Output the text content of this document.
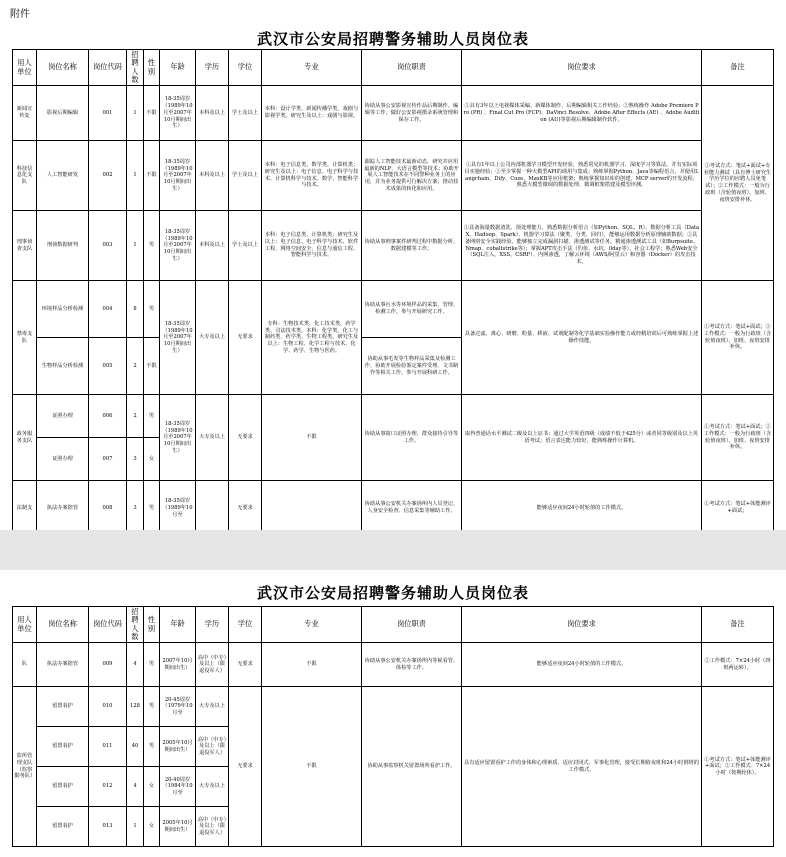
附件
武汉市公安局招聘警务辅助人员岗位表
用人单位	岗位名称	岗位代码	招聘人数	性别	年龄	学历	学位	专业	岗位职责	岗位要求	备注
新闻宣传处	影视后期编辑	001	1	不限	18-35周岁（1989年10月至2007年10月期间出生）	本科及以上	学士及以上	本科：设计学类、新闻传播学类、戏剧与影视学类。研究生及以上：戏剧与影视。	协助从事公安影视宣传作品后期制作、编辑等工作，做好公安影视摄录系统管理和保存工作。	①具有3年以上电视媒体采编、新媒体制作、后期编辑相关工作经验；②熟练操作 Adobe Premiere Pro (PR) 、Final Cut Pro (FCP)、DaVinci Resolve、Adobe After Effects (AE) 、Adobe Audition (AU)等影视后期编辑制作软件。	①考试方式：笔试+面试+专业能力测试（具有博士研究生学历学位的应聘人员免笔试）；②工作模式：一般为行政班（含轮值夜班），加班、夜班安排补休。
科技信息化支队	人工智能研发	002	1	不限	18-35周岁（1989年10月至2007年10月期间出生）	本科及以上	学士及以上	本科：电子信息类、数学类、计算机类；研究生及以上：电子信息、电子科学与技术、计算机科学与技术、数学、智能科学与技术。	跟踪人工智能技术最新动态，研究并应用最新的NLP、大语言模型等技术；协助开展人工智能技术在不同警种业务上的应用，并为业务提供可行解决方案；推动技术成果的转化和应用。	①具有1年以上公司内部机器学习模型开发经验，熟悉常见的机器学习、深度学习等算法，并有实际项目实施经验；②至少掌握一种大模型API的调用与集成；熟练掌握Python、Java等编程语言，并使用Langchain、Dify、Coze、MaxKB等应用框架；熟练掌握知识库的创建、MCP server的开发流程；熟悉大模型微调的数据处理、微调框架搭建及模型评测。	
刑事侦查支队	刑侦数据研判	003	1	男	18-35周岁（1989年10月至2007年10月期间出生）	本科及以上	学士及以上	本科：电子信息类、计算机类；研究生及以上：电子信息、电子科学与技术、软件工程、网络空间安全、信息与通信工程、智能科学与技术。	协助从事刑事案件研判过程中数据分析、数据建模等工作。	①具备海量数据清洗、预处理能力，熟悉数据分析语言（如Python、SQL、R）、数据分析工具（DataX、Hadoop、Spark）、机器学习算法（聚类、分类、回归），能够运用数据分析原理辅助数据；②具备网络安全实践经验，能够独立完成漏洞扫描、渗透测试等任务，精通渗透测试工具（如Burpsuite、Nmap、cobaltstrike等）；掌握APT攻击手法（钓鱼、水坑、0day等），社会工程学；熟悉Web安全（SQL注入、XSS、CSRF）、内网渗透，了解云环境（AWS/阿里云）和容器（Docker）的攻击技术。	
禁毒支队	环境样品分析检测	004	8	男	18-35周岁（1989年10月至2007年10月期间出生）	大专及以上	无要求	专科：生物技术类、化工技术类、药学类、司法技术类。本科：化学类、化工与制药类、药学类、生物工程类。研究生及以上：生物工程、化学工程与技术、化学、药学、生物与医药。	协助从事污水等环境样品的采集、管理、检测工作，参与开展研究工作。	具备过滤、离心、研磨、粉量、移液、试剂配制等化学基础实验操作能力或经精培训后可熟练掌握上述操作技能。	①考试方式：笔试+面试；②工作模式：一般为行政班（含轮值夜班），加班、夜班安排补休。
	生物样品分析检测	005	2	不限					协助从事毛发等生物样品采集及检测工作，协助开展检验鉴定案件受理、文书制作等相关工作，参与开展科研工作。		
政务服务支队	证照办理	006	2	男	18-35周岁（1989年10月至2007年10月期间出生）	大专及以上	无要求	不限	协助从事窗口证照办理、群众接待引导等工作。	取得普通话水平测试二级及以上证书；通过大学英语四级（成绩不低于425分）或者同等级别及以上英语考试；语言表达能力较好，能熟练操作计算机。	①考试方式：笔试+面试；②工作模式：一般为行政班（含轮值夜班），加班、夜班安排补休。
	证照办理	007	3	女							
法制支	执法办案陪管	008	3	男	18-35周岁（1989年10月至		无要求		协助从事公安机关办案场所内人员登记、人身安全检查、信息采集等辅助工作。	能够适应夜间24小时轮值的工作模式。	①考试方式：笔试+体能测评+面试；
武汉市公安局招聘警务辅助人员岗位表
用人单位	岗位名称	岗位代码	招聘人数	性别	年龄	学历	学位	专业	岗位职责	岗位要求	备注
队	执法办案陪管	009	4	男	2007年10月期间出生）	高中（中专）及以上（限退役军人）	无要求	不限	协助从事公安机关办案场所内等候看管、体检等工作。	能够适应夜间24小时轮值的工作模式。	②工作模式：7×24小时（四班两运转）。
监所管理支队（监察勤务队）	留置看护	010	128	男	20-45周岁（1979年10月至	大专及以上	无要求	不限	协助从事监察机关留置场所看护工作。	具有适应留置看护工作的身体和心理素质，适应封闭式、军事化管理，接受长期值夜班和24小时倒班的工作模式。	①考试方式：笔试+体能测评+面试；②工作模式：7×24小时（按期轮休）。
	留置看护	011	40	男	2005年10月期间出生）	高中（中专）及以上（限退役军人）					
	留置看护	012	4	女	20-40周岁（1984年10月至	大专及以上					
	留置看护	013	1	女	2005年10月期间出生）	高中（中专）及以上（限退役军人）					
